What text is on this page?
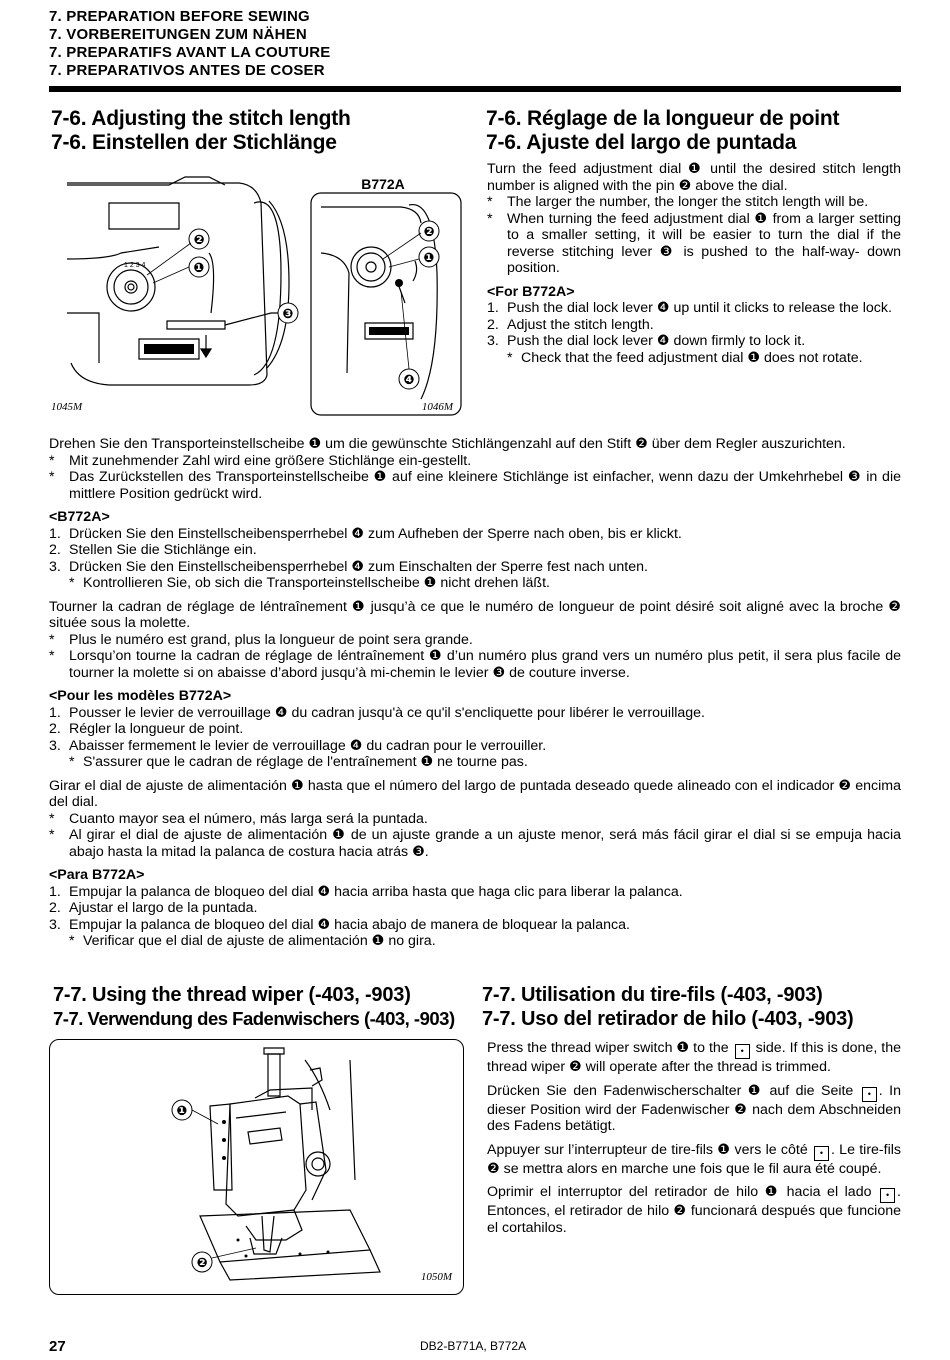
7. PREPARATION BEFORE SEWING
7. VORBEREITUNGEN ZUM NÄHEN
7. PREPARATIFS AVANT LA COUTURE
7. PREPARATIVOS ANTES DE COSER
7-6. Adjusting the stitch length
7-6. Einstellen der Stichlänge
7-6. Réglage de la longueur de point
7-6. Ajuste del largo de puntada
1 2 3 4
❷
❶
❸
❷
❶
❹
B772A
1045M	1046M
Turn the feed adjustment dial ❶ until the desired stitch length number is aligned with the pin ❷ above the dial.
*	The larger the number, the longer the stitch length will be.
*	When turning the feed adjustment dial ❶ from a larger setting to a smaller setting, it will be easier to turn the dial if the reverse stitching lever ❸ is pushed to the half-way- down position.
<For B772A>
1. Push the dial lock lever ❹ up until it clicks to release the lock.
2. Adjust the stitch length.
3. Push the dial lock lever ❹ down firmly to lock it.
* Check that the feed adjustment dial ❶ does not rotate.
Drehen Sie den Transporteinstellscheibe ❶ um die gewünschte Stichlängenzahl auf den Stift ❷ über dem Regler auszurichten.
*	Mit zunehmender Zahl wird eine größere Stichlänge ein-gestellt.
*	Das Zurückstellen des Transporteinstellscheibe ❶ auf eine kleinere Stichlänge ist einfacher, wenn dazu der Umkehrhebel ❸ in die mittlere Position gedrückt wird.
<B772A>
1. Drücken Sie den Einstellscheibensperrhebel ❹ zum Aufheben der Sperre nach oben, bis er klickt.
2. Stellen Sie die Stichlänge ein.
3. Drücken Sie den Einstellscheibensperrhebel ❹ zum Einschalten der Sperre fest nach unten.
* Kontrollieren Sie, ob sich die Transporteinstellscheibe ❶ nicht drehen läßt.
Tourner la cadran de réglage de léntraînement ❶ jusqu’à ce que le numéro de longueur de point désiré soit aligné avec la broche ❷ située sous la molette.
*	Plus le numéro est grand, plus la longueur de point sera grande.
*	Lorsqu’on tourne la cadran de réglage de léntraînement ❶ d’un numéro plus grand vers un numéro plus petit, il sera plus facile de tourner la molette si on abaisse d’abord jusqu’à mi-chemin le levier ❸ de couture inverse.
<Pour les modèles B772A>
1. Pousser le levier de verrouillage ❹ du cadran jusqu'à ce qu'il s'encliquette pour libérer le verrouillage.
2. Régler la longueur de point.
3. Abaisser fermement le levier de verrouillage ❹ du cadran pour le verrouiller.
* S'assurer que le cadran de réglage de l'entraînement ❶ ne tourne pas.
Girar el dial de ajuste de alimentación ❶ hasta que el número del largo de puntada deseado quede alineado con el indicador ❷ encima del dial.
*	Cuanto mayor sea el número, más larga será la puntada.
*	Al girar el dial de ajuste de alimentación ❶ de un ajuste grande a un ajuste menor, será más fácil girar el dial si se empuja hacia abajo hasta la mitad la palanca de costura hacia atrás ❸.
<Para B772A>
1. Empujar la palanca de bloqueo del dial ❹ hacia arriba hasta que haga clic para liberar la palanca.
2. Ajustar el largo de la puntada.
3. Empujar la palanca de bloqueo del dial ❹ hacia abajo de manera de bloquear la palanca.
* Verificar que el dial de ajuste de alimentación ❶ no gira.
7-7. Using the thread wiper (-403, -903)
7-7. Verwendung des Fadenwischers (-403, -903)
7-7. Utilisation du tire-fils (-403, -903)
7-7. Uso del retirador de hilo (-403, -903)
❶
❷
1050M
Press the thread wiper switch ❶ to the • side. If this is done, the thread wiper ❷ will operate after the thread is trimmed.
Drücken Sie den Fadenwischerschalter ❶ auf die Seite • . In dieser Position wird der Fadenwischer ❷ nach dem Abschneiden des Fadens betätigt.
Appuyer sur l’interrupteur de tire-fils ❶ vers le côté • . Le tire-fils ❷ se mettra alors en marche une fois que le fil aura été coupé.
Oprimir el interruptor del retirador de hilo ❶ hacia el lado • . Entonces, el retirador de hilo ❷ funcionará después que funcione el cortahilos.
27	DB2-B771A, B772A
